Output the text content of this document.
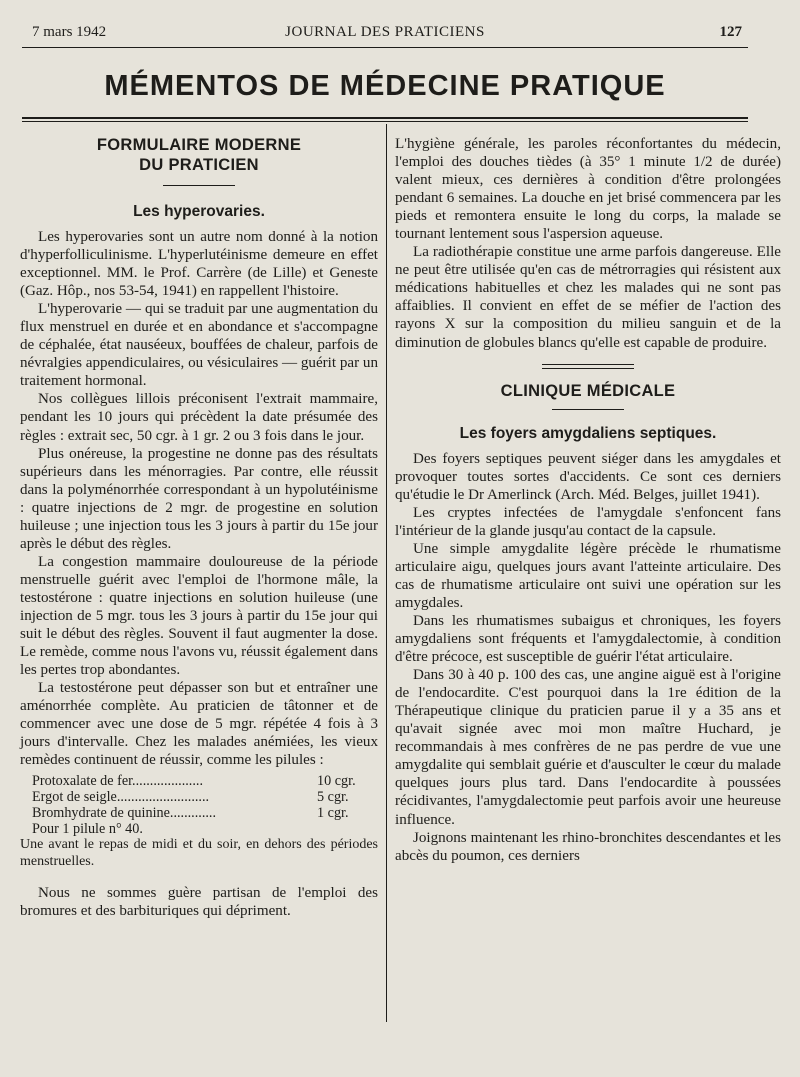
7 mars 1942	JOURNAL DES PRATICIENS	127
MÉMENTOS DE MÉDECINE PRATIQUE
FORMULAIRE MODERNE
DU PRATICIEN
Les hyperovaries.

Les hyperovaries sont un autre nom donné à la notion d'hyperfolliculinisme. L'hyperlutéinisme demeure en effet exceptionnel. MM. le Prof. Carrère (de Lille) et Geneste (Gaz. Hôp., nos 53-54, 1941) en rappellent l'histoire.

L'hyperovarie — qui se traduit par une augmentation du flux menstruel en durée et en abondance et s'accompagne de céphalée, état nauséeux, bouffées de chaleur, parfois de névralgies appendiculaires, ou vésiculaires — guérit par un traitement hormonal.

Nos collègues lillois préconisent l'extrait mammaire, pendant les 10 jours qui précèdent la date présumée des règles : extrait sec, 50 cgr. à 1 gr. 2 ou 3 fois dans le jour.

Plus onéreuse, la progestine ne donne pas des résultats supérieurs dans les ménorragies. Par contre, elle réussit dans la polyménorrhée correspondant à un hypolutéinisme : quatre injections de 2 mgr. de progestine en solution huileuse ; une injection tous les 3 jours à partir du 15e jour après le début des règles.

La congestion mammaire douloureuse de la période menstruelle guérit avec l'emploi de l'hormone mâle, la testostérone : quatre injections en solution huileuse (une injection de 5 mgr. tous les 3 jours à partir du 15e jour qui suit le début des règles. Souvent il faut augmenter la dose. Le remède, comme nous l'avons vu, réussit également dans les pertes trop abondantes.

La testostérone peut dépasser son but et entraîner une aménorrhée complète. Au praticien de tâtonner et de commencer avec une dose de 5 mgr. répétée 4 fois à 3 jours d'intervalle. Chez les malades anémiées, les vieux remèdes continuent de réussir, comme les pilules :

Protoxalate de fer....................	10 cgr.
Ergot de seigle..........................	5 cgr.
Bromhydrate de quinine.............	1 cgr.
Pour 1 pilule n° 40.

Une avant le repas de midi et du soir, en dehors des périodes menstruelles.

Nous ne sommes guère partisan de l'emploi des bromures et des barbituriques qui dépriment.

L'hygiène générale, les paroles réconfortantes du médecin, l'emploi des douches tièdes (à 35° 1 minute 1/2 de durée) valent mieux, ces dernières à condition d'être prolongées pendant 6 semaines. La douche en jet brisé commencera par les pieds et remontera ensuite le long du corps, la malade se tournant lentement sous l'aspersion aqueuse.

La radiothérapie constitue une arme parfois dangereuse. Elle ne peut être utilisée qu'en cas de métrorragies qui résistent aux médications habituelles et chez les malades qui ne sont pas affaiblies. Il convient en effet de se méfier de l'action des rayons X sur la composition du milieu sanguin et de la diminution de globules blancs qu'elle est capable de produire.

CLINIQUE MÉDICALE
Les foyers amygdaliens septiques.

Des foyers septiques peuvent siéger dans les amygdales et provoquer toutes sortes d'accidents. Ce sont ces derniers qu'étudie le Dr Amerlinck (Arch. Méd. Belges, juillet 1941).

Les cryptes infectées de l'amygdale s'enfoncent fans l'intérieur de la glande jusqu'au contact de la capsule.

Une simple amygdalite légère précède le rhumatisme articulaire aigu, quelques jours avant l'atteinte articulaire. Des cas de rhumatisme articulaire ont suivi une opération sur les amygdales.

Dans les rhumatismes subaigus et chroniques, les foyers amygdaliens sont fréquents et l'amygdalectomie, à condition d'être précoce, est susceptible de guérir l'état articulaire.

Dans 30 à 40 p. 100 des cas, une angine aiguë est à l'origine de l'endocardite. C'est pourquoi dans la 1re édition de la Thérapeutique clinique du praticien parue il y a 35 ans et qu'avait signée avec moi mon maître Huchard, je recommandais à mes confrères de ne pas perdre de vue une amygdalite qui semblait guérie et d'ausculter le cœur du malade quelques jours plus tard. Dans l'endocardite à poussées récidivantes, l'amygdalectomie peut parfois avoir une heureuse influence.

Joignons maintenant les rhino-bronchites descendantes et les abcès du poumon, ces derniers
